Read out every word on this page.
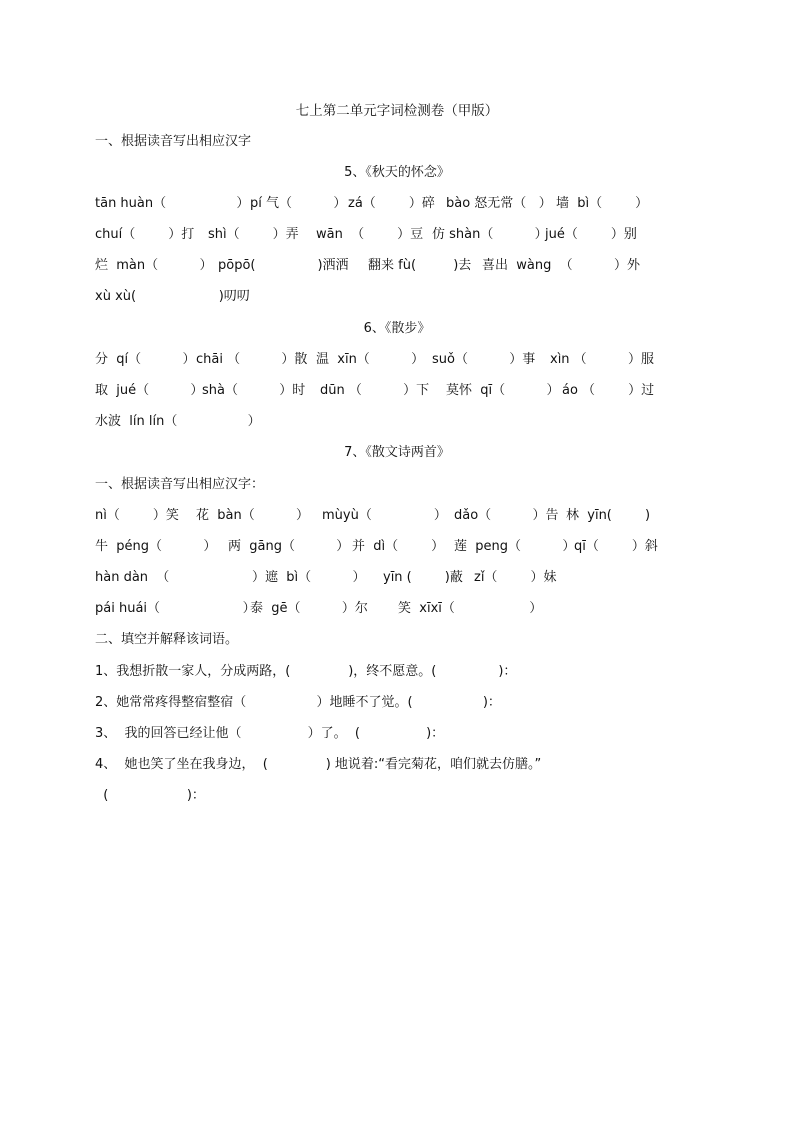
七上第二单元字词检测卷（甲版）

一、根据读音写出相应汉字

5、《秋天的怀念》

tān huàn（                 ）

pí 气（          ）

zá（        ）碎

bào 怒无常（   ）

墙  bì（        ）

chuí（        ）打

shì（        ）弄

wān  （        ）豆

仿 shàn（          ）

jué（        ）别

烂  màn（          ）

pōpō(               )洒洒

翻来 fù(         )去

喜出  wàng  （          ）外

xù xù(                    )叨叨

6、《散步》

分  qí（          ）

chāi （          ）散

温  xīn（          ）

suǒ（          ）事

xìn （          ）服

取  jué（          ）

shà（          ）时

dūn （          ）下

莫怀  qī（          ）

áo （        ）过

水波  lín lín（                 ）

7、《散文诗两首》

一、根据读音写出相应汉字：

nì（        ）笑

花  bàn（          ）

mùyù（               ）

dǎo（          ）告

林  yīn(        )

牛  péng（          ）

两  gāng（          ）

并  dì（        ）

莲  peng（          ）

qī（        ）斜

hàn dàn  （                    ）

遮  bì（          ）

yīn (        )蔽

zǐ（        ）妹

pái huái（                    ）

泰  gē（          ）尔

笑  xīxī（                  ）

二、填空并解释该词语。

1、我想折散一家人，分成两路，(              )，终不愿意。(               )：

2、她常常疼得整宿整宿（                 ）地睡不了觉。(                 )：

3、  我的回答已经让他（                ）了。  (                )：

4、  她也笑了坐在我身边，  (              ) 地说着:“看完菊花，咱们就去仿膳。”

(                   )：
